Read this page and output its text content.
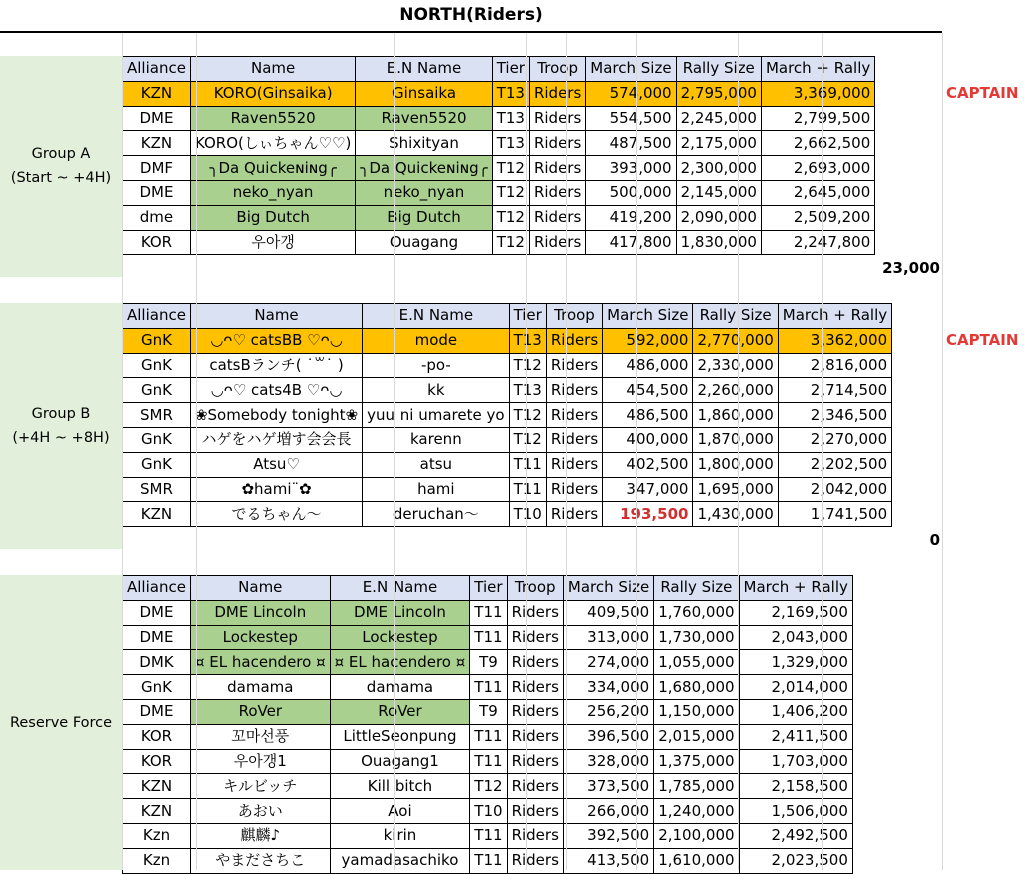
NORTH(Riders)
Group A
(Start ~ +4H)
CAPTAIN
Alliance	Name	E.N Name	Tier	Troop	March Size	Rally Size	March + Rally
KZN	KORO(Ginsaika)	Ginsaika	T13	Riders	574,000	2,795,000	3,369,000
DME	Raven5520	Raven5520	T13	Riders	554,500	2,245,000	2,799,500
KZN	KORO(しぃちゃん♡♡)	Shixityan	T13	Riders	487,500	2,175,000	2,662,500
DMF	╮Da Quickeɴiɴg╭	╮Da Quickeɴiɴg╭	T12	Riders	393,000	2,300,000	2,693,000
DME	neko_nyan	neko_nyan	T12	Riders	500,000	2,145,000	2,645,000
dme	Big Dutch	Big Dutch	T12	Riders	419,200	2,090,000	2,509,200
KOR	우아갱	Ouagang	T12	Riders	417,800	1,830,000	2,247,800
23,000
Group B
(+4H ~ +8H)
CAPTAIN
Alliance	Name	E.N Name	Tier	Troop	March Size	Rally Size	March + Rally
GnK	◡ᴖ♡ catsBB ♡ᴖ◡	mode	T13	Riders	592,000	2,770,000	3,362,000
GnK	catsBランチ( ˙꒳˙ )	-po-	T12	Riders	486,000	2,330,000	2,816,000
GnK	◡ᴖ♡ cats4B ♡ᴖ◡	kk	T13	Riders	454,500	2,260,000	2,714,500
SMR	❀Somebody tonight❀	yuu ni umarete yo	T12	Riders	486,500	1,860,000	2,346,500
GnK	ハゲをハゲ増す会会長	karenn	T12	Riders	400,000	1,870,000	2,270,000
GnK	Atsu♡	atsu	T11	Riders	402,500	1,800,000	2,202,500
SMR	✿hami¨✿	hami	T11	Riders	347,000	1,695,000	2,042,000
KZN	でるちゃん〜	deruchan〜	T10	Riders	193,500	1,430,000	1,741,500
0
Reserve Force
Alliance	Name	E.N Name	Tier	Troop	March Size	Rally Size	March + Rally
DME	DME Lincoln	DME Lincoln	T11	Riders	409,500	1,760,000	2,169,500
DME	Lockestep	Lockestep	T11	Riders	313,000	1,730,000	2,043,000
DMK	¤ EL hacendero ¤	¤ EL hacendero ¤	T9	Riders	274,000	1,055,000	1,329,000
GnK	damama	damama	T11	Riders	334,000	1,680,000	2,014,000
DME	RoVer	RoVer	T9	Riders	256,200	1,150,000	1,406,200
KOR	꼬마선풍	LittleSeonpung	T11	Riders	396,500	2,015,000	2,411,500
KOR	우아갱1	Ouagang1	T11	Riders	328,000	1,375,000	1,703,000
KZN	キルビッチ	Kill bitch	T12	Riders	373,500	1,785,000	2,158,500
KZN	あおい	Aoi	T10	Riders	266,000	1,240,000	1,506,000
Kzn	麒麟♪	kirin	T11	Riders	392,500	2,100,000	2,492,500
Kzn	やまださちこ	yamadasachiko	T11	Riders	413,500	1,610,000	2,023,500
